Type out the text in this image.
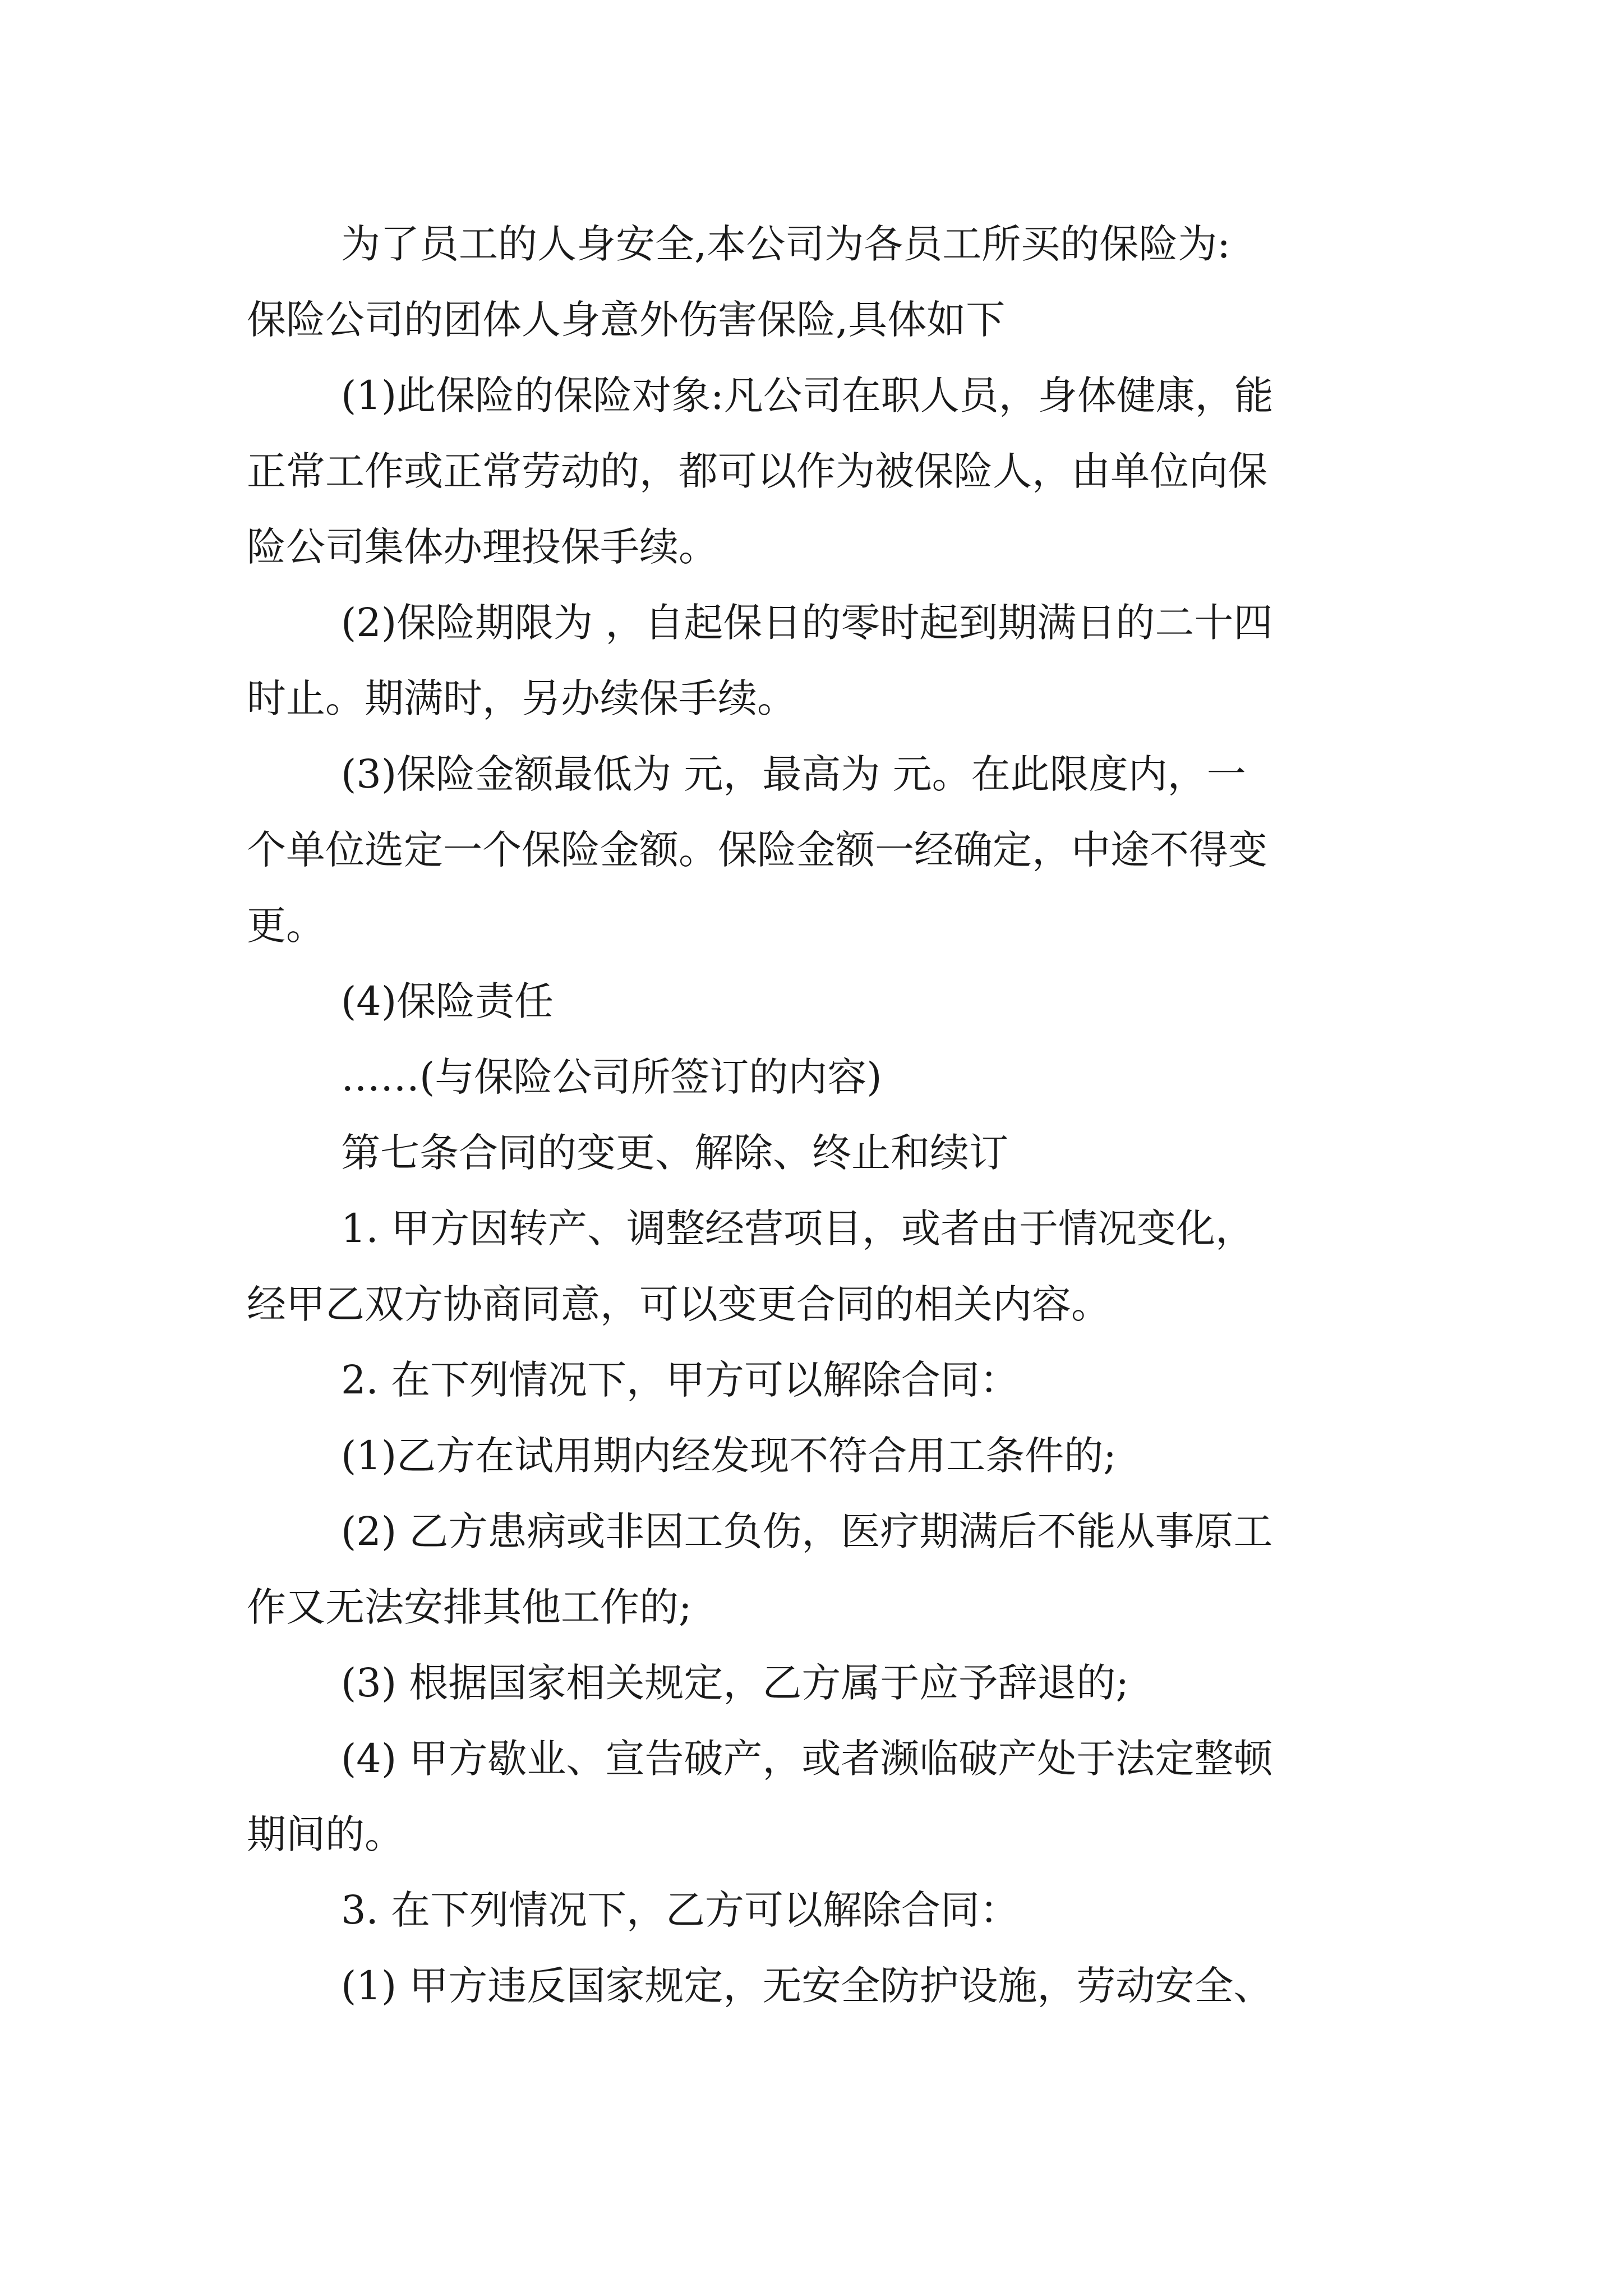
为了员工的人身安全,本公司为各员工所买的保险为:

保险公司的团体人身意外伤害保险,具体如下

(1)此保险的保险对象:凡公司在职人员，身体健康，能

正常工作或正常劳动的，都可以作为被保险人，由单位向保

险公司集体办理投保手续。

(2)保险期限为 ，自起保日的零时起到期满日的二十四

时止。期满时，另办续保手续。

(3)保险金额最低为 元，最高为 元。在此限度内，一

个单位选定一个保险金额。保险金额一经确定，中途不得变

更。

(4)保险责任

……(与保险公司所签订的内容)

第七条合同的变更、解除、终止和续订

1. 甲方因转产、调整经营项目，或者由于情况变化，

经甲乙双方协商同意，可以变更合同的相关内容。

2. 在下列情况下，甲方可以解除合同：

(1)乙方在试用期内经发现不符合用工条件的;

(2) 乙方患病或非因工负伤，医疗期满后不能从事原工

作又无法安排其他工作的;

(3) 根据国家相关规定，乙方属于应予辞退的;

(4) 甲方歇业、宣告破产，或者濒临破产处于法定整顿

期间的。

3. 在下列情况下，乙方可以解除合同：

(1) 甲方违反国家规定，无安全防护设施，劳动安全、
